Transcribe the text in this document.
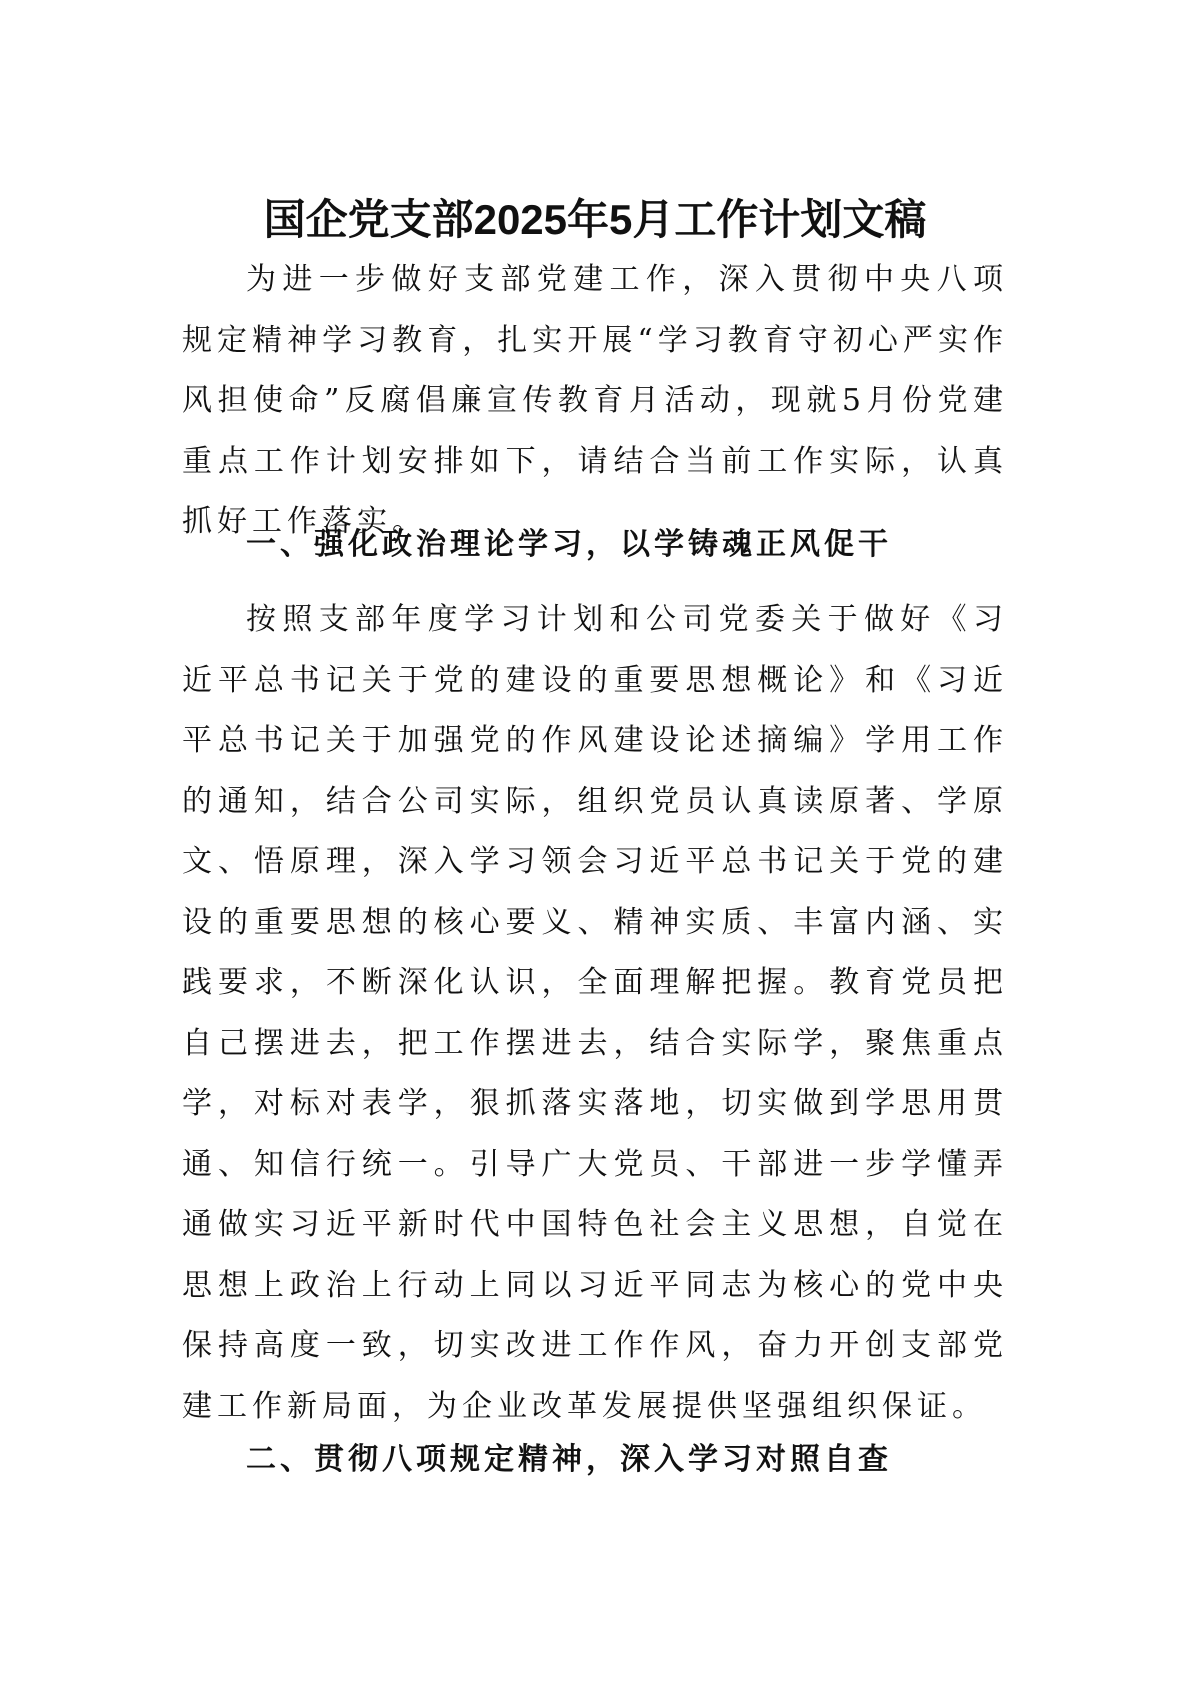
国企党支部2025年5月工作计划文稿

为进一步做好支部党建工作，深入贯彻中央八项规定精神学习教育，扎实开展“学习教育守初心严实作风担使命”反腐倡廉宣传教育月活动，现就5月份党建重点工作计划安排如下，请结合当前工作实际，认真抓好工作落实。

一、强化政治理论学习，以学铸魂正风促干

按照支部年度学习计划和公司党委关于做好《习近平总书记关于党的建设的重要思想概论》和《习近平总书记关于加强党的作风建设论述摘编》学用工作的通知，结合公司实际，组织党员认真读原著、学原文、悟原理，深入学习领会习近平总书记关于党的建设的重要思想的核心要义、精神实质、丰富内涵、实践要求，不断深化认识，全面理解把握。教育党员把自己摆进去，把工作摆进去，结合实际学，聚焦重点学，对标对表学，狠抓落实落地，切实做到学思用贯通、知信行统一。引导广大党员、干部进一步学懂弄通做实习近平新时代中国特色社会主义思想，自觉在思想上政治上行动上同以习近平同志为核心的党中央保持高度一致，切实改进工作作风，奋力开创支部党建工作新局面，为企业改革发展提供坚强组织保证。

二、贯彻八项规定精神，深入学习对照自查
